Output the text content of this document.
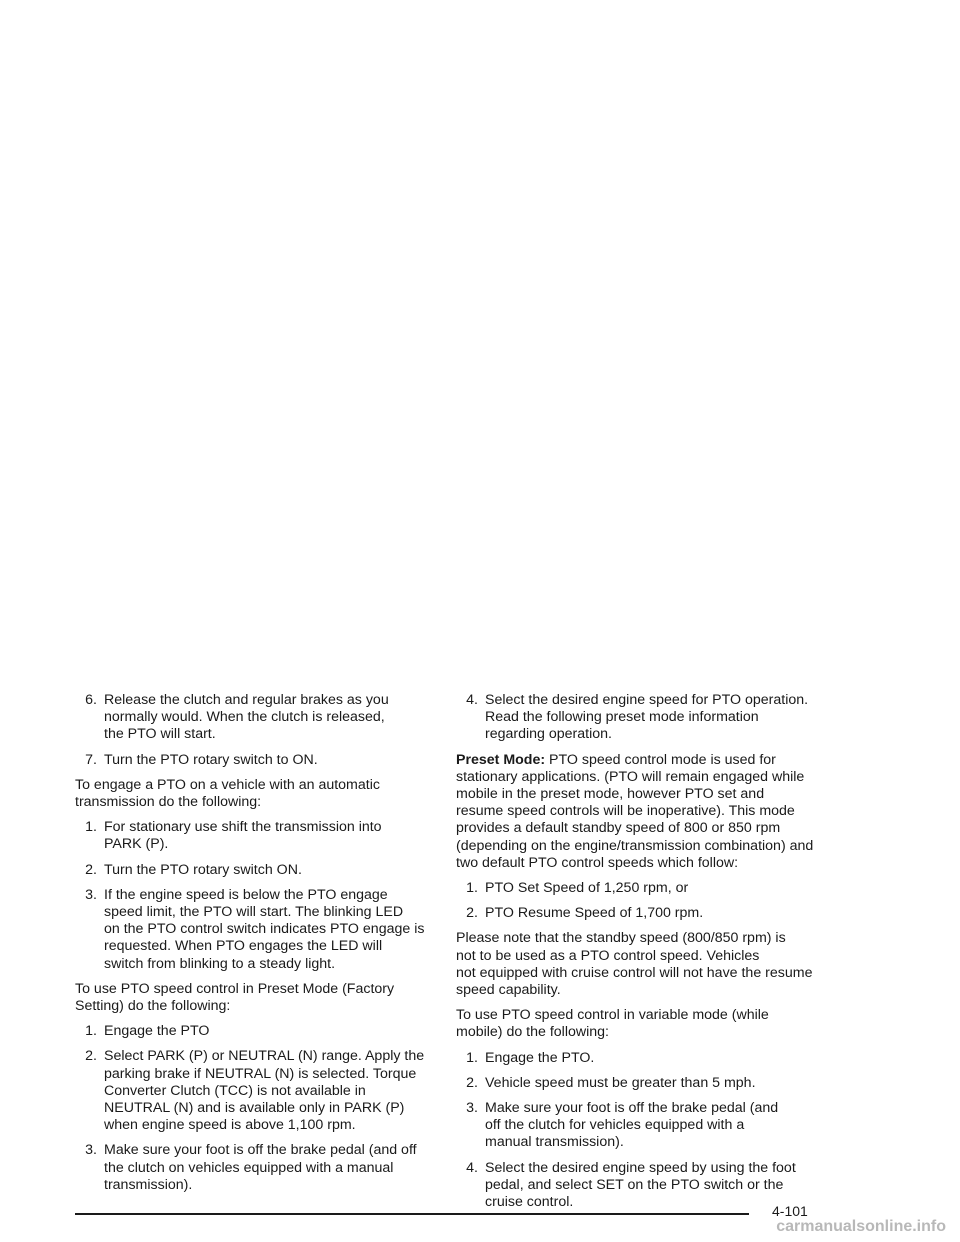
6. Release the clutch and regular brakes as you
normally would. When the clutch is released,
the PTO will start.
7. Turn the PTO rotary switch to ON.

To engage a PTO on a vehicle with an automatic
transmission do the following:

1. For stationary use shift the transmission into
PARK (P).
2. Turn the PTO rotary switch ON.
3. If the engine speed is below the PTO engage
speed limit, the PTO will start. The blinking LED
on the PTO control switch indicates PTO engage is
requested. When PTO engages the LED will
switch from blinking to a steady light.

To use PTO speed control in Preset Mode (Factory
Setting) do the following:

1. Engage the PTO
2. Select PARK (P) or NEUTRAL (N) range. Apply the
parking brake if NEUTRAL (N) is selected. Torque
Converter Clutch (TCC) is not available in
NEUTRAL (N) and is available only in PARK (P)
when engine speed is above 1,100 rpm.
3. Make sure your foot is off the brake pedal (and off
the clutch on vehicles equipped with a manual
transmission).
4. Select the desired engine speed for PTO operation.
Read the following preset mode information
regarding operation.

Preset Mode: PTO speed control mode is used for
stationary applications. (PTO will remain engaged while
mobile in the preset mode, however PTO set and
resume speed controls will be inoperative). This mode
provides a default standby speed of 800 or 850 rpm
(depending on the engine/transmission combination) and
two default PTO control speeds which follow:

1. PTO Set Speed of 1,250 rpm, or
2. PTO Resume Speed of 1,700 rpm.

Please note that the standby speed (800/850 rpm) is
not to be used as a PTO control speed. Vehicles
not equipped with cruise control will not have the resume
speed capability.

To use PTO speed control in variable mode (while
mobile) do the following:

1. Engage the PTO.
2. Vehicle speed must be greater than 5 mph.
3. Make sure your foot is off the brake pedal (and
off the clutch for vehicles equipped with a
manual transmission).
4. Select the desired engine speed by using the foot
pedal, and select SET on the PTO switch or the
cruise control.
4-101
carmanualsonline.info
